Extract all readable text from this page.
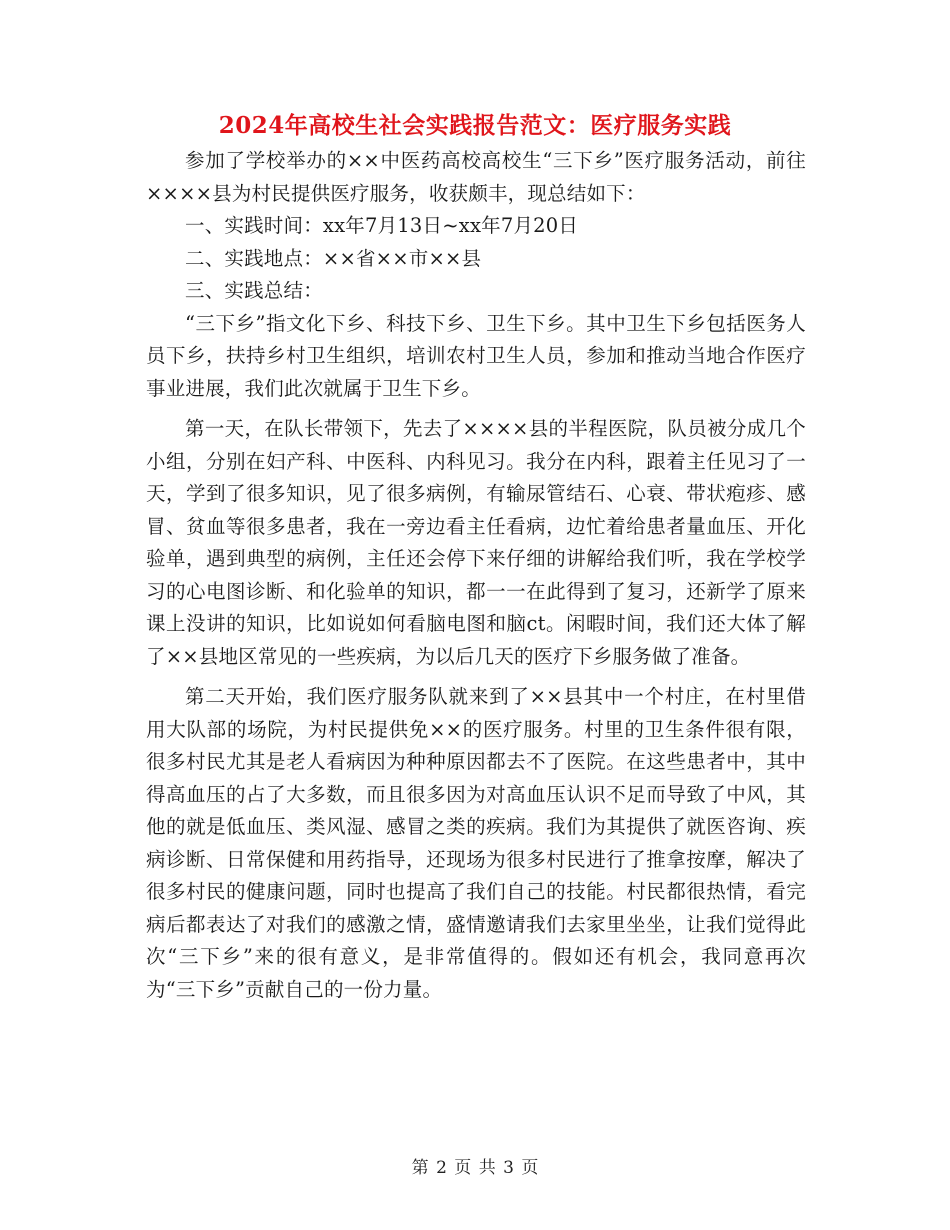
2024年高校生社会实践报告范文：医疗服务实践

参加了学校举办的××中医药高校高校生“三下乡”医疗服务活动，前往××××县为村民提供医疗服务，收获颇丰，现总结如下：

一、实践时间：xx年7月13日~xx年7月20日

二、实践地点：××省××市××县

三、实践总结：

“三下乡”指文化下乡、科技下乡、卫生下乡。其中卫生下乡包括医务人员下乡，扶持乡村卫生组织，培训农村卫生人员，参加和推动当地合作医疗事业进展，我们此次就属于卫生下乡。

第一天，在队长带领下，先去了××××县的半程医院，队员被分成几个小组，分别在妇产科、中医科、内科见习。我分在内科，跟着主任见习了一天，学到了很多知识，见了很多病例，有输尿管结石、心衰、带状疱疹、感冒、贫血等很多患者，我在一旁边看主任看病，边忙着给患者量血压、开化验单，遇到典型的病例，主任还会停下来仔细的讲解给我们听，我在学校学习的心电图诊断、和化验单的知识，都一一在此得到了复习，还新学了原来课上没讲的知识，比如说如何看脑电图和脑ct。闲暇时间，我们还大体了解了××县地区常见的一些疾病，为以后几天的医疗下乡服务做了准备。

第二天开始，我们医疗服务队就来到了××县其中一个村庄，在村里借用大队部的场院，为村民提供免××的医疗服务。村里的卫生条件很有限，很多村民尤其是老人看病因为种种原因都去不了医院。在这些患者中，其中得高血压的占了大多数，而且很多因为对高血压认识不足而导致了中风，其他的就是低血压、类风湿、感冒之类的疾病。我们为其提供了就医咨询、疾病诊断、日常保健和用药指导，还现场为很多村民进行了推拿按摩，解决了很多村民的健康问题，同时也提高了我们自己的技能。村民都很热情，看完病后都表达了对我们的感激之情，盛情邀请我们去家里坐坐，让我们觉得此次“三下乡”来的很有意义，是非常值得的。假如还有机会，我同意再次为“三下乡”贡献自己的一份力量。

第 2 页 共 3 页
